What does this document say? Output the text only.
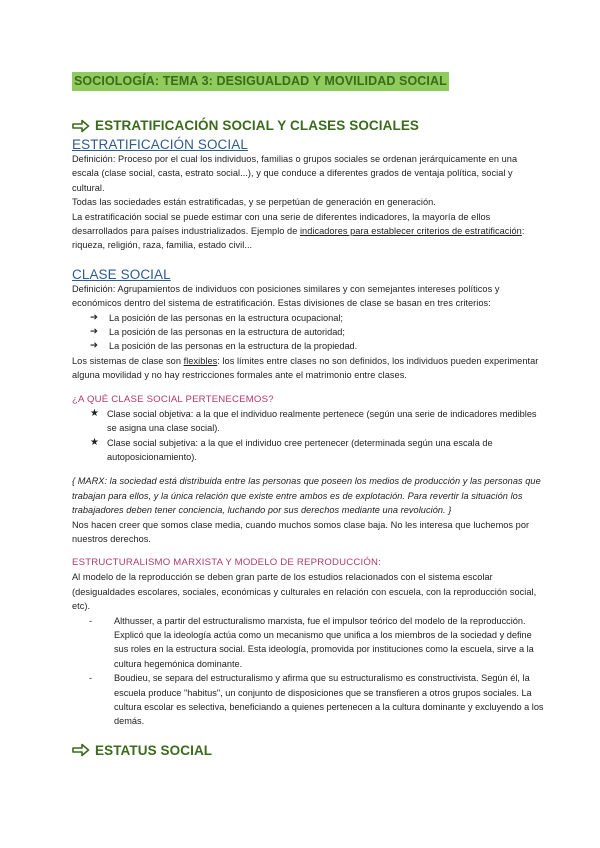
SOCIOLOGÍA: TEMA 3: DESIGUALDAD Y MOVILIDAD SOCIAL
ESTRATIFICACIÓN SOCIAL Y CLASES SOCIALES
ESTRATIFICACIÓN SOCIAL

Definición: Proceso por el cual los individuos, familias o grupos sociales se ordenan jerárquicamente en una escala (clase social, casta, estrato social...), y que conduce a diferentes grados de ventaja política, social y cultural.

Todas las sociedades están estratificadas, y se perpetúan de generación en generación.

La estratificación social se puede estimar con una serie de diferentes indicadores, la mayoría de ellos desarrollados para países industrializados. Ejemplo de indicadores para establecer criterios de estratificación: riqueza, religión, raza, familia, estado civil...

CLASE SOCIAL

Definición: Agrupamientos de individuos con posiciones similares y con semejantes intereses políticos y económicos dentro del sistema de estratificación. Estas divisiones de clase se basan en tres criterios:

➔	La posición de las personas en la estructura ocupacional;
➔	La posición de las personas en la estructura de autoridad;
➔	La posición de las personas en la estructura de la propiedad.

Los sistemas de clase son flexibles: los límites entre clases no son definidos, los individuos pueden experimentar alguna movilidad y no hay restricciones formales ante el matrimonio entre clases.

¿A QUÉ CLASE SOCIAL PERTENECEMOS?
★ Clase social objetiva: a la que el individuo realmente pertenece (según una serie de indicadores medibles se asigna una clase social).
★ Clase social subjetiva: a la que el individuo cree pertenecer (determinada según una escala de autoposicionamiento).

{ MARX: la sociedad está distribuida entre las personas que poseen los medios de producción y las personas que trabajan para ellos, y la única relación que existe entre ambos es de explotación. Para revertir la situación los trabajadores deben tener conciencia, luchando por sus derechos mediante una revolución. }

Nos hacen creer que somos clase media, cuando muchos somos clase baja. No les interesa que luchemos por nuestros derechos.

ESTRUCTURALISMO MARXISTA Y MODELO DE REPRODUCCIÓN:

Al modelo de la reproducción se deben gran parte de los estudios relacionados con el sistema escolar (desigualdades escolares, sociales, económicas y culturales en relación con escuela, con la reproducción social, etc).

-	Althusser, a partir del estructuralismo marxista, fue el impulsor teórico del modelo de la reproducción. Explicó que la ideología actúa como un mecanismo que unifica a los miembros de la sociedad y define sus roles en la estructura social. Esta ideología, promovida por instituciones como la escuela, sirve a la cultura hegemónica dominante.
-	Boudieu, se separa del estructuralismo y afirma que su estructuralismo es constructivista. Según él, la escuela produce "habitus", un conjunto de disposiciones que se transfieren a otros grupos sociales. La cultura escolar es selectiva, beneficiando a quienes pertenecen a la cultura dominante y excluyendo a los demás.
ESTATUS SOCIAL
